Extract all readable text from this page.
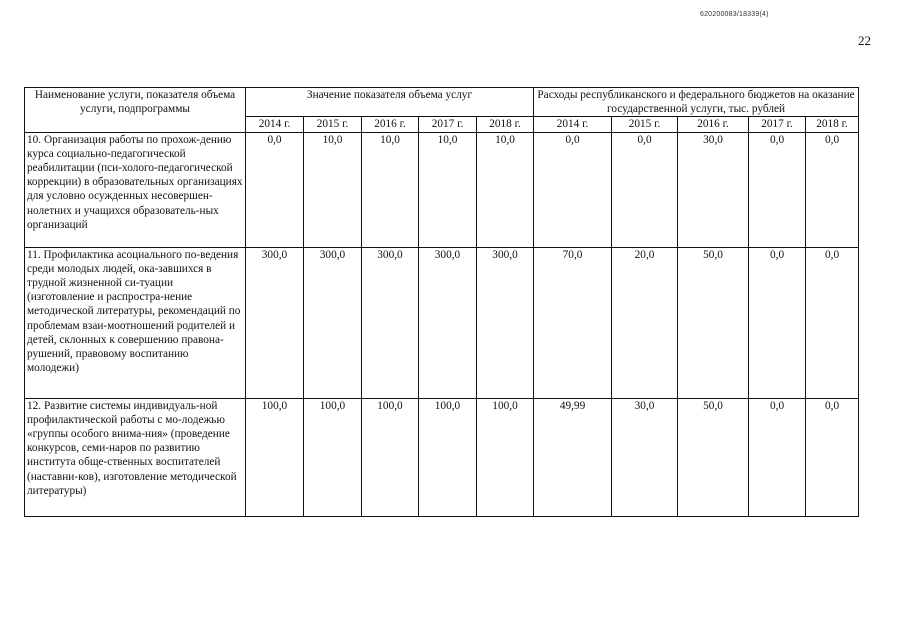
620200083/18339(4)
22
Наименование услуги, показателя объема услуги, подпрограммы	Значение показателя объема услуг					Расходы республиканского и федерального бюджетов на оказание государственной услуги, тыс. рублей				
	2014 г.	2015 г.	2016 г.	2017 г.	2018 г.	2014 г.	2015 г.	2016 г.	2017 г.	2018 г.
10. Организация работы по прохож-дению курса социально-педагогической реабилитации (пси-холого-педагогической коррекции) в образовательных организациях для условно осужденных несовершен-нолетних и учащихся образователь-ных организаций	0,0	10,0	10,0	10,0	10,0	0,0	0,0	30,0	0,0	0,0
11. Профилактика асоциального по-ведения среди молодых людей, ока-завшихся в трудной жизненной си-туации (изготовление и распростра-нение методической литературы, рекомендаций по проблемам взаи-моотношений родителей и детей, склонных к совершению правона-рушений, правовому воспитанию молодежи)	300,0	300,0	300,0	300,0	300,0	70,0	20,0	50,0	0,0	0,0
12. Развитие системы индивидуаль-ной профилактической работы с мо-лодежью «группы особого внима-ния» (проведение конкурсов, семи-наров по развитию института обще-ственных воспитателей (наставни-ков), изготовление методической литературы)	100,0	100,0	100,0	100,0	100,0	49,99	30,0	50,0	0,0	0,0
